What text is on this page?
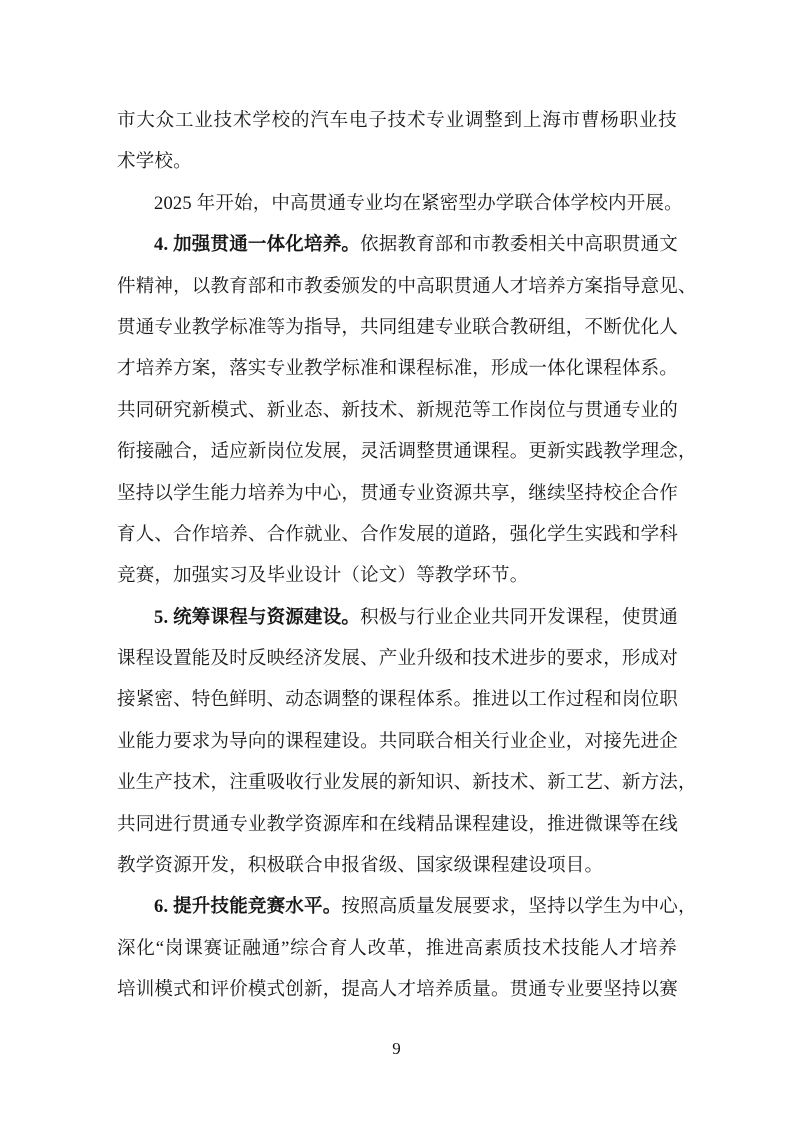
市大众工业技术学校的汽车电子技术专业调整到上海市曹杨职业技
术学校。
2025 年开始，中高贯通专业均在紧密型办学联合体学校内开展。
4. 加强贯通一体化培养。依据教育部和市教委相关中高职贯通文
件精神，以教育部和市教委颁发的中高职贯通人才培养方案指导意见、
贯通专业教学标准等为指导，共同组建专业联合教研组，不断优化人
才培养方案，落实专业教学标准和课程标准，形成一体化课程体系。
共同研究新模式、新业态、新技术、新规范等工作岗位与贯通专业的
衔接融合，适应新岗位发展，灵活调整贯通课程。更新实践教学理念，
坚持以学生能力培养为中心，贯通专业资源共享，继续坚持校企合作
育人、合作培养、合作就业、合作发展的道路，强化学生实践和学科
竞赛，加强实习及毕业设计（论文）等教学环节。
5. 统筹课程与资源建设。积极与行业企业共同开发课程，使贯通
课程设置能及时反映经济发展、产业升级和技术进步的要求，形成对
接紧密、特色鲜明、动态调整的课程体系。推进以工作过程和岗位职
业能力要求为导向的课程建设。共同联合相关行业企业，对接先进企
业生产技术，注重吸收行业发展的新知识、新技术、新工艺、新方法，
共同进行贯通专业教学资源库和在线精品课程建设，推进微课等在线
教学资源开发，积极联合申报省级、国家级课程建设项目。
6. 提升技能竞赛水平。按照高质量发展要求，坚持以学生为中心，
深化“岗课赛证融通”综合育人改革，推进高素质技术技能人才培养
培训模式和评价模式创新，提高人才培养质量。贯通专业要坚持以赛
9
